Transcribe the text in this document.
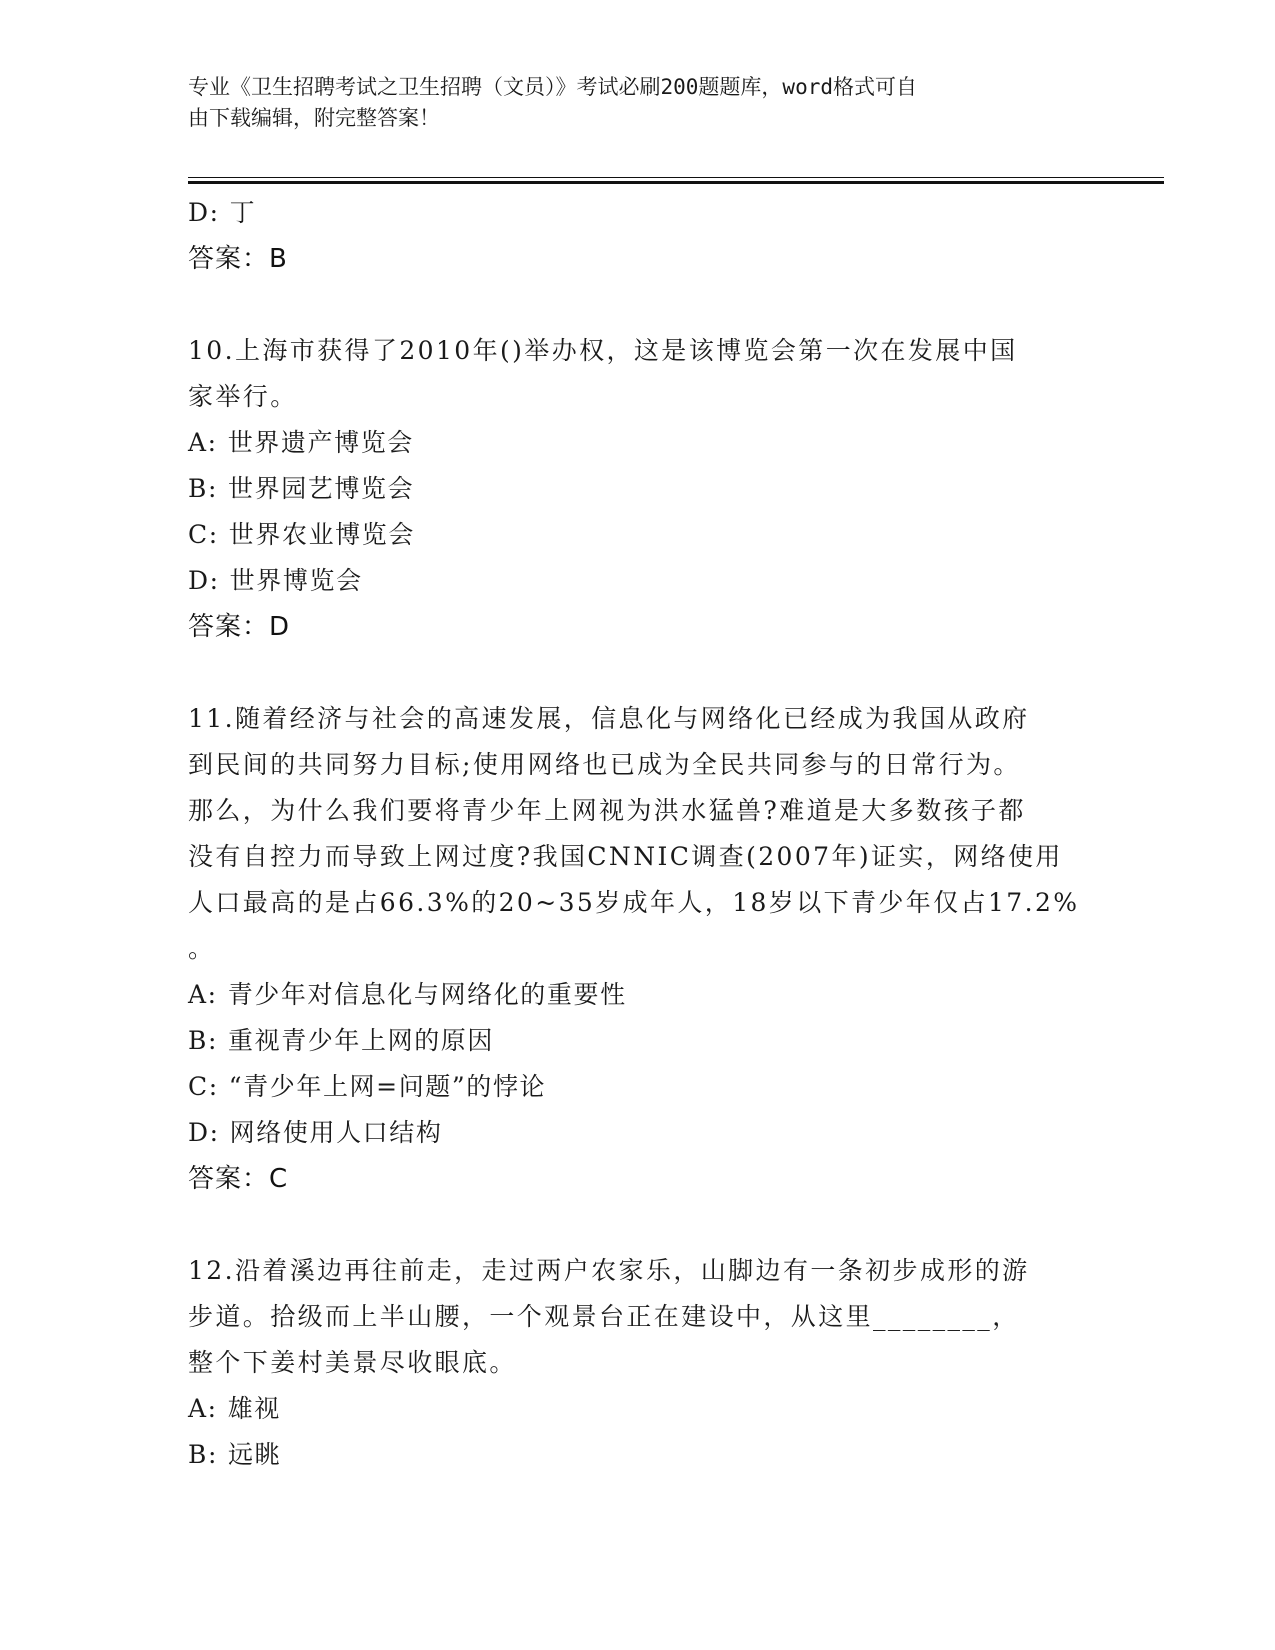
专业《卫生招聘考试之卫生招聘（文员）》考试必刷200题题库，word格式可自
由下载编辑，附完整答案！
D: 丁
答案：B
10.上海市获得了2010年()举办权，这是该博览会第一次在发展中国
家举行。
A: 世界遗产博览会
B: 世界园艺博览会
C: 世界农业博览会
D: 世界博览会
答案：D
11.随着经济与社会的高速发展，信息化与网络化已经成为我国从政府
到民间的共同努力目标;使用网络也已成为全民共同参与的日常行为。
那么，为什么我们要将青少年上网视为洪水猛兽?难道是大多数孩子都
没有自控力而导致上网过度?我国CNNIC调查(2007年)证实，网络使用
人口最高的是占66.3%的20~35岁成年人，18岁以下青少年仅占17.2%
。
A: 青少年对信息化与网络化的重要性
B: 重视青少年上网的原因
C: “青少年上网=问题”的悖论
D: 网络使用人口结构
答案：C
12.沿着溪边再往前走，走过两户农家乐，山脚边有一条初步成形的游
步道。拾级而上半山腰，一个观景台正在建设中，从这里________，
整个下姜村美景尽收眼底。
A: 雄视
B: 远眺
